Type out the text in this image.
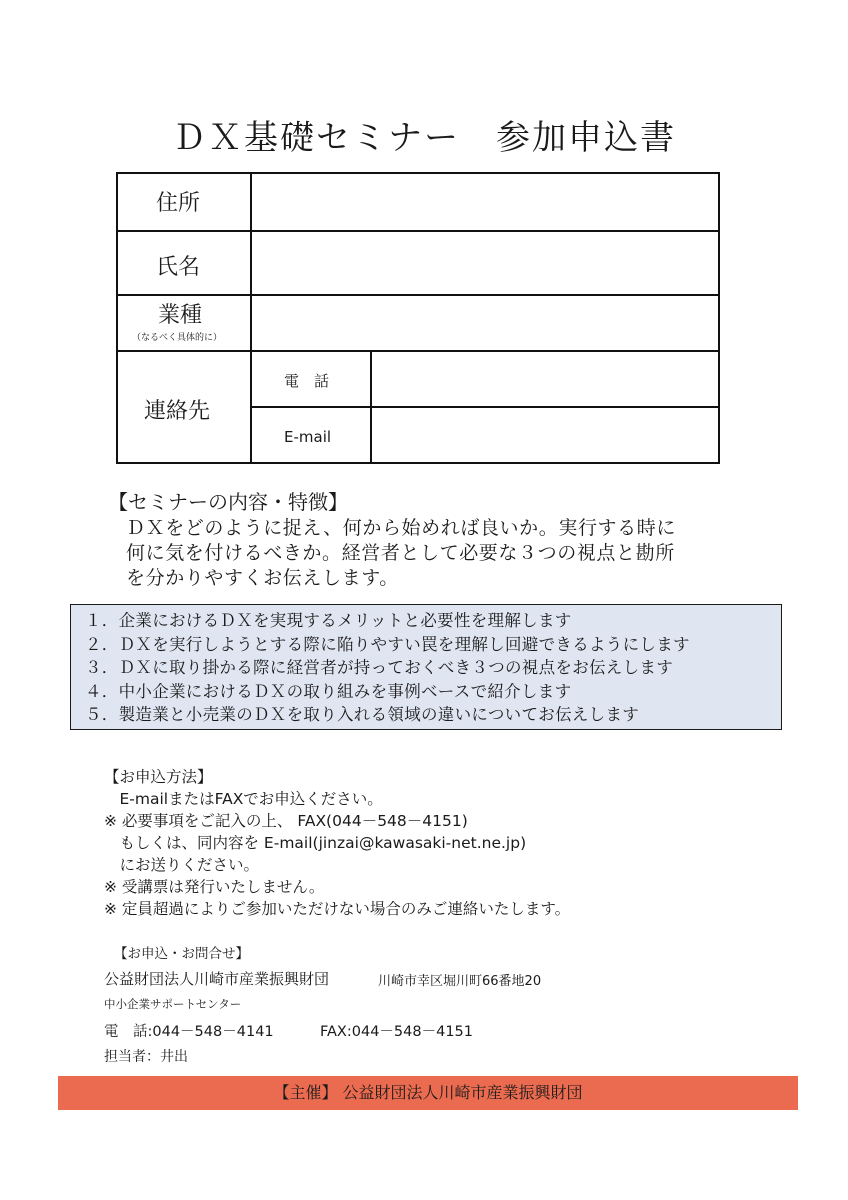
ＤＸ基礎セミナー　参加申込書
住所
氏名
業種
（なるべく具体的に）
連絡先
電　話
E-mail
【セミナーの内容・特徴】
ＤＸをどのように捉え、何から始めれば良いか。実行する時に
何に気を付けるべきか。経営者として必要な３つの視点と勘所
を分かりやすくお伝えします。
１．企業におけるＤＸを実現するメリットと必要性を理解します
２．ＤＸを実行しようとする際に陥りやすい罠を理解し回避できるようにします
３．ＤＸに取り掛かる際に経営者が持っておくべき３つの視点をお伝えします
４．中小企業におけるＤＸの取り組みを事例ベースで紹介します
５．製造業と小売業のＤＸを取り入れる領域の違いについてお伝えします
【お申込方法】
　E-mailまたはFAXでお申込ください。
※ 必要事項をご記入の上、 FAX(044－548－4151)
　もしくは、同内容を E-mail(jinzai@kawasaki-net.ne.jp)
　にお送りください。
※ 受講票は発行いたしません。
※ 定員超過によりご参加いただけない場合のみご連絡いたします。
【お申込・お問合せ】
公益財団法人川崎市産業振興財団	川崎市幸区堀川町66番地20
中小企業サポートセンター
電　話:044－548－4141	FAX:044－548－4151
担当者：井出
【主催】 公益財団法人川崎市産業振興財団
